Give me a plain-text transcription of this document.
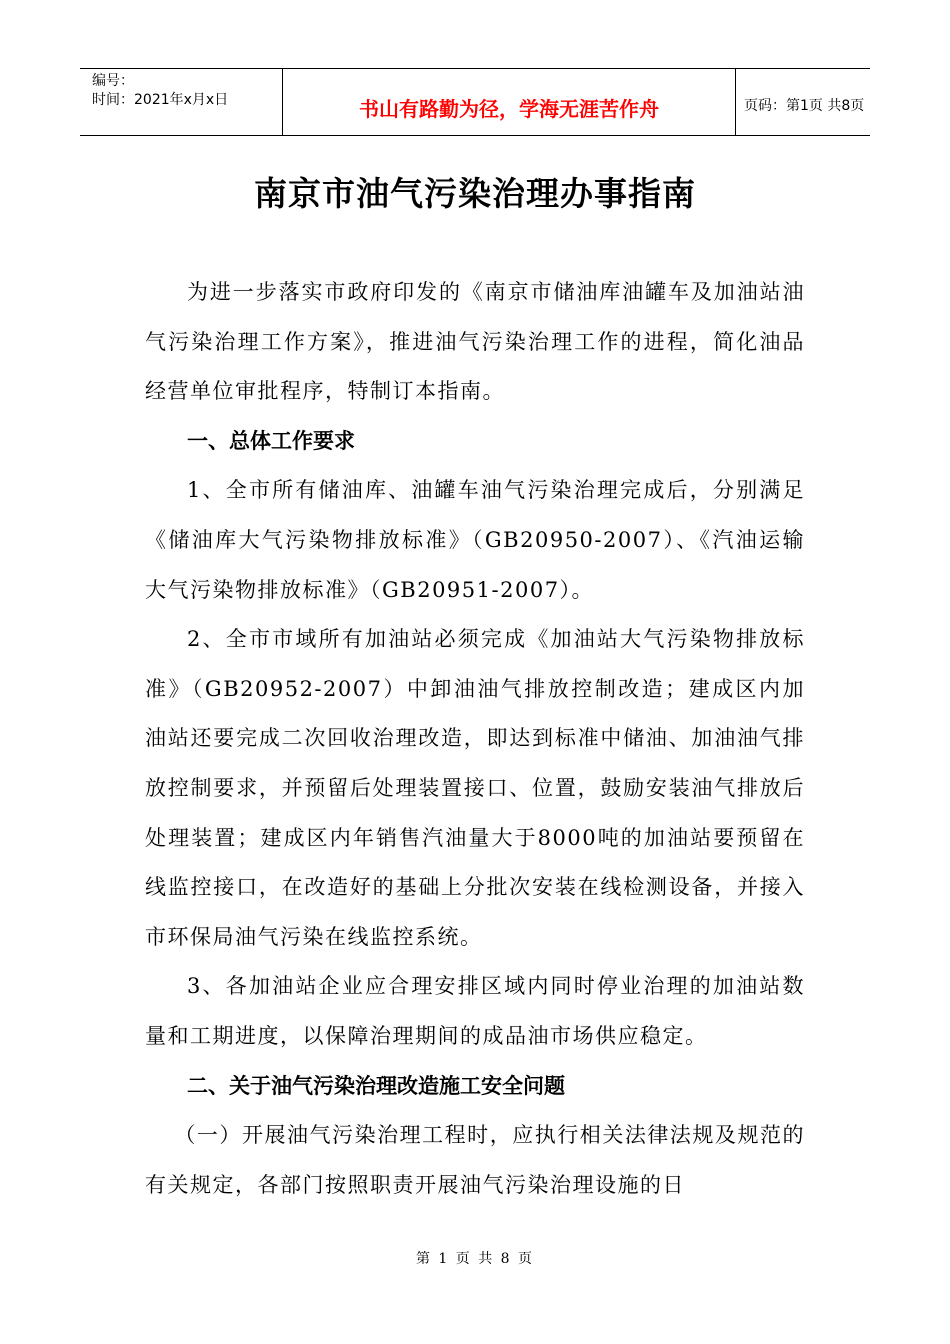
编号：
时间：2021年x月x日	书山有路勤为径，学海无涯苦作舟	页码：第1页 共8页
南京市油气污染治理办事指南

为进一步落实市政府印发的《南京市储油库油罐车及加油站油气污染治理工作方案》，推进油气污染治理工作的进程，简化油品经营单位审批程序，特制订本指南。

一、总体工作要求

1、全市所有储油库、油罐车油气污染治理完成后，分别满足《储油库大气污染物排放标准》（GB20950-2007）、《汽油运输大气污染物排放标准》（GB20951-2007）。

2、全市市域所有加油站必须完成《加油站大气污染物排放标准》（GB20952-2007）中卸油油气排放控制改造；建成区内加油站还要完成二次回收治理改造，即达到标准中储油、加油油气排放控制要求，并预留后处理装置接口、位置，鼓励安装油气排放后处理装置；建成区内年销售汽油量大于8000吨的加油站要预留在线监控接口，在改造好的基础上分批次安装在线检测设备，并接入市环保局油气污染在线监控系统。

3、各加油站企业应合理安排区域内同时停业治理的加油站数量和工期进度，以保障治理期间的成品油市场供应稳定。

二、关于油气污染治理改造施工安全问题

（一）开展油气污染治理工程时，应执行相关法律法规及规范的有关规定，各部门按照职责开展油气污染治理设施的日

第 1 页 共 8 页
